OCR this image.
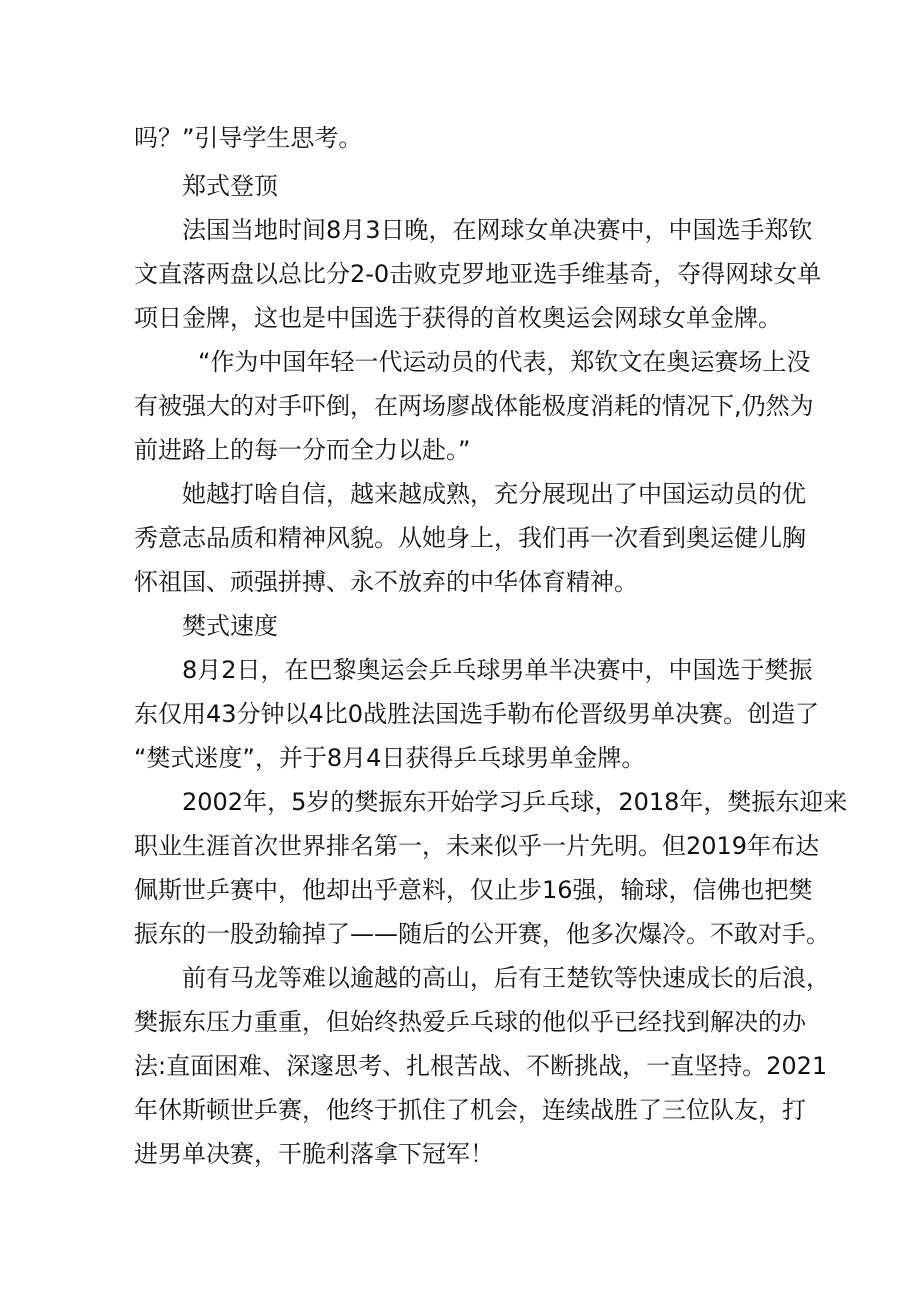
吗？”引导学生思考。
郑式登顶
法国当地时间8月3日晚，在网球女单决赛中，中国选手郑钦
文直落两盘以总比分2-0击败克罗地亚选手维基奇，夺得网球女单
项日金牌，这也是中国选于获得的首枚奥运会网球女单金牌。
“作为中国年轻一代运动员的代表，郑钦文在奥运赛场上没
有被强大的对手吓倒，在两场廖战体能极度消耗的情况下,仍然为
前进路上的每一分而全力以赴。”
她越打啥自信，越来越成熟，充分展现出了中国运动员的优
秀意志品质和精神风貌。从她身上，我们再一次看到奥运健儿胸
怀祖国、顽强拼搏、永不放弃的中华体育精神。
樊式速度
8月2日，在巴黎奥运会乒乓球男单半决赛中，中国选于樊振
东仅用43分钟以4比0战胜法国选手勒布伦晋级男单决赛。创造了
“樊式迷度”，并于8月4日获得乒乓球男单金牌。
2002年，5岁的樊振东开始学习乒乓球，2018年，樊振东迎来
职业生涯首次世界排名第一，未来似乎一片先明。但2019年布达
佩斯世乒赛中，他却出乎意料，仅止步16强，输球，信佛也把樊
振东的一股劲输掉了——随后的公开赛，他多次爆冷。不敢对手。
前有马龙等难以逾越的高山，后有王楚钦等快速成长的后浪，
樊振东压力重重，但始终热爱乒乓球的他似乎已经找到解决的办
法:直面困难、深邃思考、扎根苦战、不断挑战，一直坚持。2021
年休斯顿世乒赛，他终于抓住了机会，连续战胜了三位队友，打
进男单决赛，干脆利落拿下冠军！
